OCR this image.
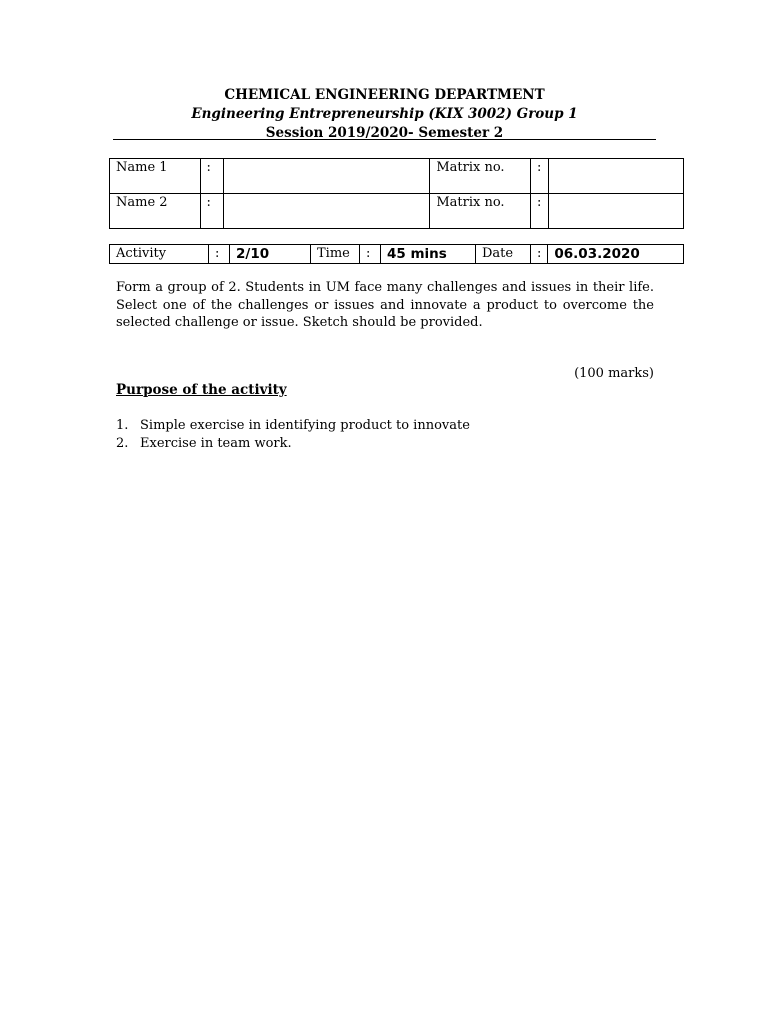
CHEMICAL ENGINEERING DEPARTMENT
Engineering Entrepreneurship (KIX 3002) Group 1
Session 2019/2020- Semester 2
Name 1	:		Matrix no.	:	
Name 2	:		Matrix no.	:	
Activity	:	2/10	Time	:	45 mins	Date	:	06.03.2020
Form a group of 2. Students in UM face many challenges and issues in their life. Select one of the challenges or issues and innovate a product to overcome the selected challenge or issue. Sketch should be provided.
(100 marks)
Purpose of the activity
1. Simple exercise in identifying product to innovate
2. Exercise in team work.
